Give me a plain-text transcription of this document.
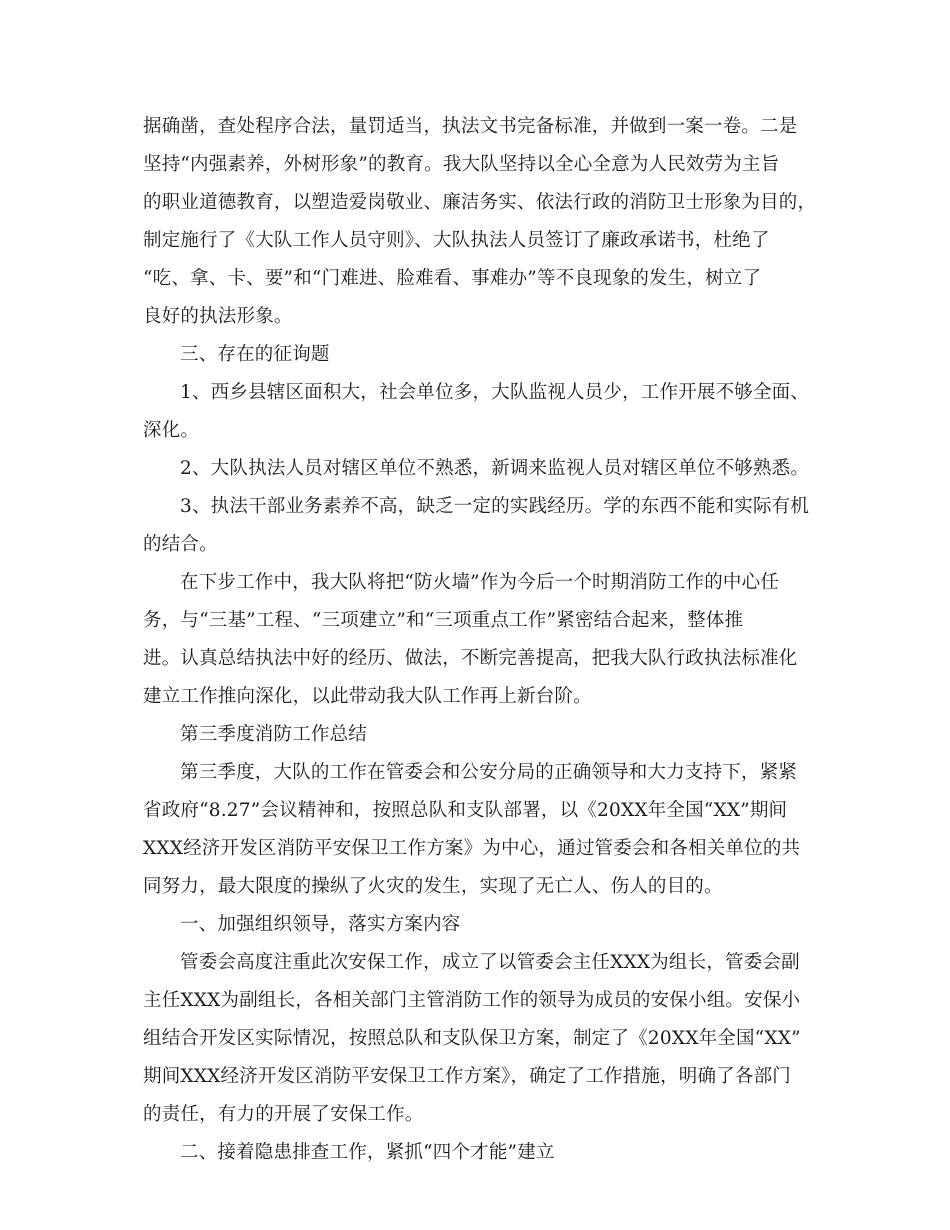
据确凿，查处程序合法，量罚适当，执法文书完备标准，并做到一案一卷。二是
坚持“内强素养，外树形象”的教育。我大队坚持以全心全意为人民效劳为主旨
的职业道德教育，以塑造爱岗敬业、廉洁务实、依法行政的消防卫士形象为目的，
制定施行了《大队工作人员守则》、大队执法人员签订了廉政承诺书，杜绝了
“吃、拿、卡、要”和“门难进、脸难看、事难办”等不良现象的发生，树立了
良好的执法形象。
三、存在的征询题
1、西乡县辖区面积大，社会单位多，大队监视人员少，工作开展不够全面、
深化。
2、大队执法人员对辖区单位不熟悉，新调来监视人员对辖区单位不够熟悉。
3、执法干部业务素养不高，缺乏一定的实践经历。学的东西不能和实际有机
的结合。
在下步工作中，我大队将把“防火墙”作为今后一个时期消防工作的中心任
务，与“三基”工程、“三项建立”和“三项重点工作”紧密结合起来，整体推
进。认真总结执法中好的经历、做法，不断完善提高，把我大队行政执法标准化
建立工作推向深化，以此带动我大队工作再上新台阶。
第三季度消防工作总结
第三季度，大队的工作在管委会和公安分局的正确领导和大力支持下，紧紧
省政府“8.27”会议精神和，按照总队和支队部署，以《20XX年全国“XX”期间
XXX经济开发区消防平安保卫工作方案》为中心，通过管委会和各相关单位的共
同努力，最大限度的操纵了火灾的发生，实现了无亡人、伤人的目的。
一、加强组织领导，落实方案内容
管委会高度注重此次安保工作，成立了以管委会主任XXX为组长，管委会副
主任XXX为副组长，各相关部门主管消防工作的领导为成员的安保小组。安保小
组结合开发区实际情况，按照总队和支队保卫方案，制定了《20XX年全国“XX”
期间XXX经济开发区消防平安保卫工作方案》，确定了工作措施，明确了各部门
的责任，有力的开展了安保工作。
二、接着隐患排查工作，紧抓“四个才能”建立
